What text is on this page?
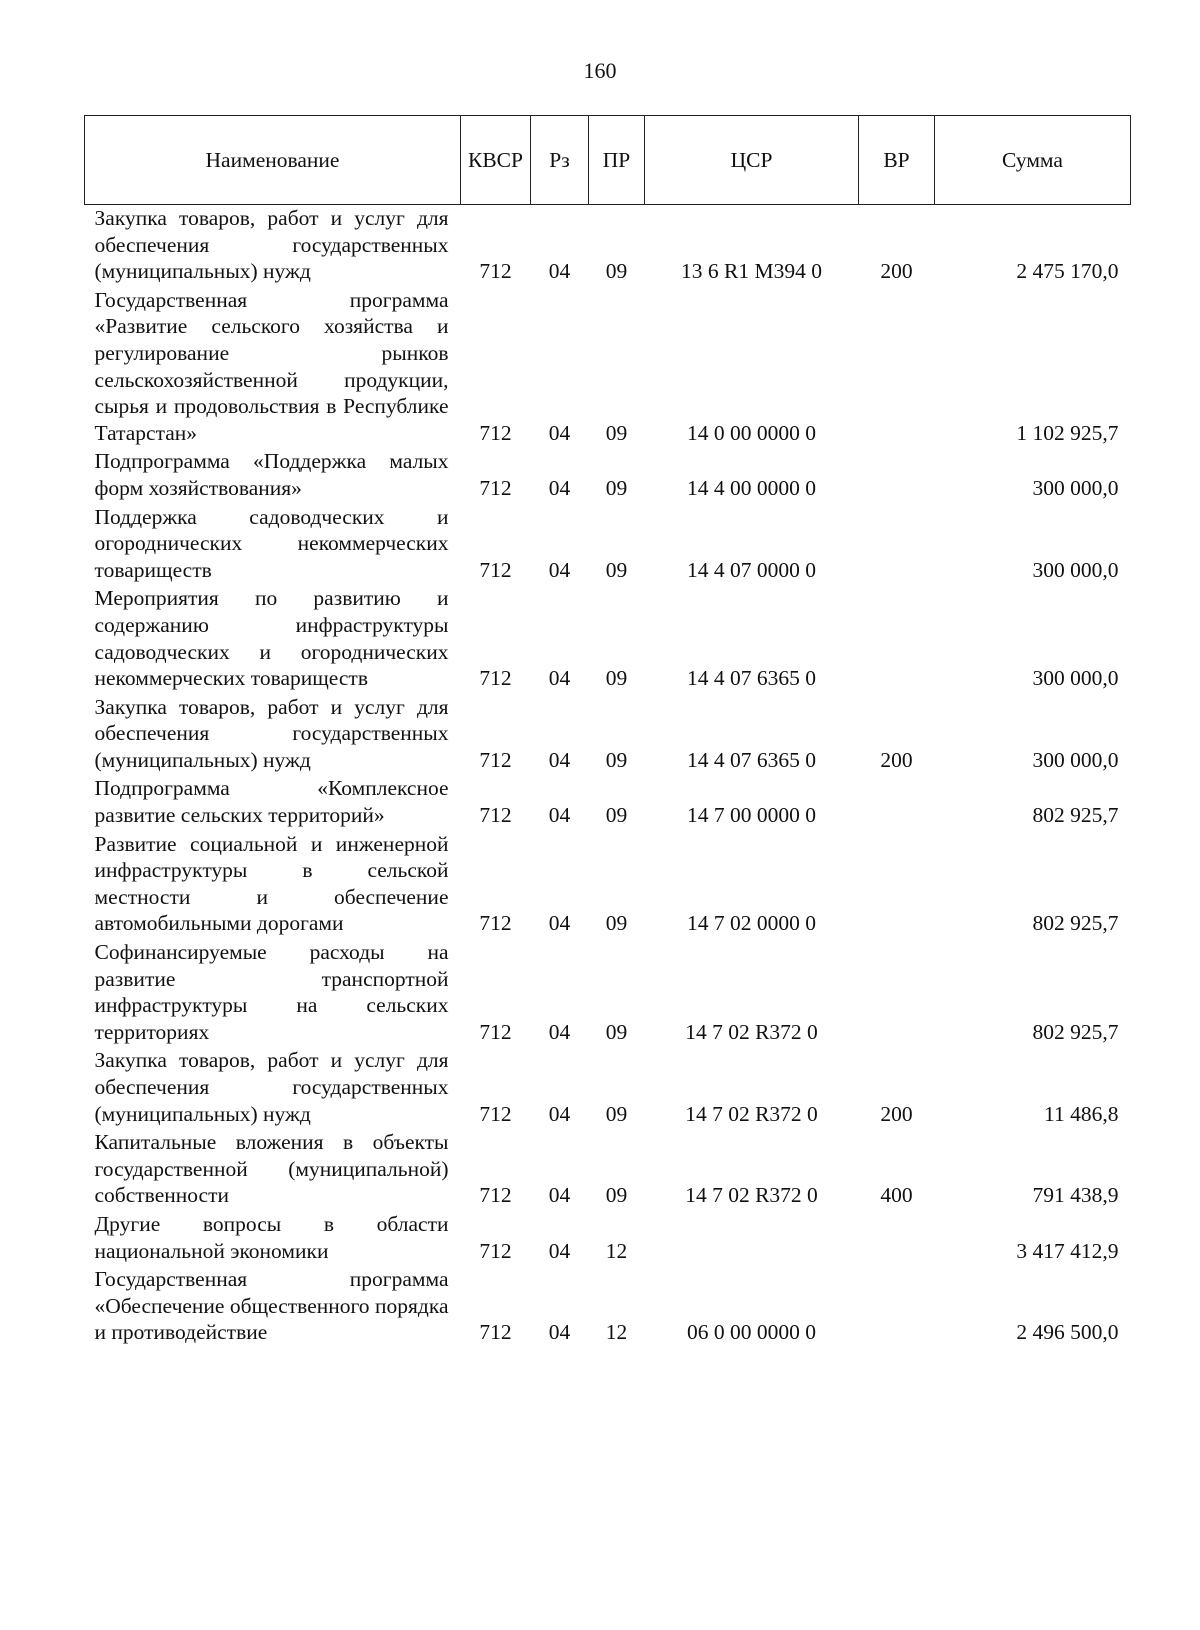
160
Наименование	КВСР	Рз	ПР	ЦСР	ВР	Сумма
Закупка товаров, работ и услуг для обеспечения государственных (муниципальных) нужд	712	04	09	13 6 R1 M394 0	200	2 475 170,0
Государственная программа «Развитие сельского хозяйства и регулирование рынков сельскохозяйственной продукции, сырья и продовольствия в Республике Татарстан»	712	04	09	14 0 00 0000 0		1 102 925,7
Подпрограмма «Поддержка малых форм хозяйствования»	712	04	09	14 4 00 0000 0		300 000,0
Поддержка садоводческих и огороднических некоммерческих товариществ	712	04	09	14 4 07 0000 0		300 000,0
Мероприятия по развитию и содержанию инфраструктуры садоводческих и огороднических некоммерческих товариществ	712	04	09	14 4 07 6365 0		300 000,0
Закупка товаров, работ и услуг для обеспечения государственных (муниципальных) нужд	712	04	09	14 4 07 6365 0	200	300 000,0
Подпрограмма «Комплексное развитие сельских территорий»	712	04	09	14 7 00 0000 0		802 925,7
Развитие социальной и инженерной инфраструктуры в сельской местности и обеспечение автомобильными дорогами	712	04	09	14 7 02 0000 0		802 925,7
Софинансируемые расходы на развитие транспортной инфраструктуры на сельских территориях	712	04	09	14 7 02 R372 0		802 925,7
Закупка товаров, работ и услуг для обеспечения государственных (муниципальных) нужд	712	04	09	14 7 02 R372 0	200	11 486,8
Капитальные вложения в объекты государственной (муниципальной) собственности	712	04	09	14 7 02 R372 0	400	791 438,9
Другие вопросы в области национальной экономики	712	04	12			3 417 412,9
Государственная программа «Обеспечение общественного порядка и противодействие	712	04	12	06 0 00 0000 0		2 496 500,0
